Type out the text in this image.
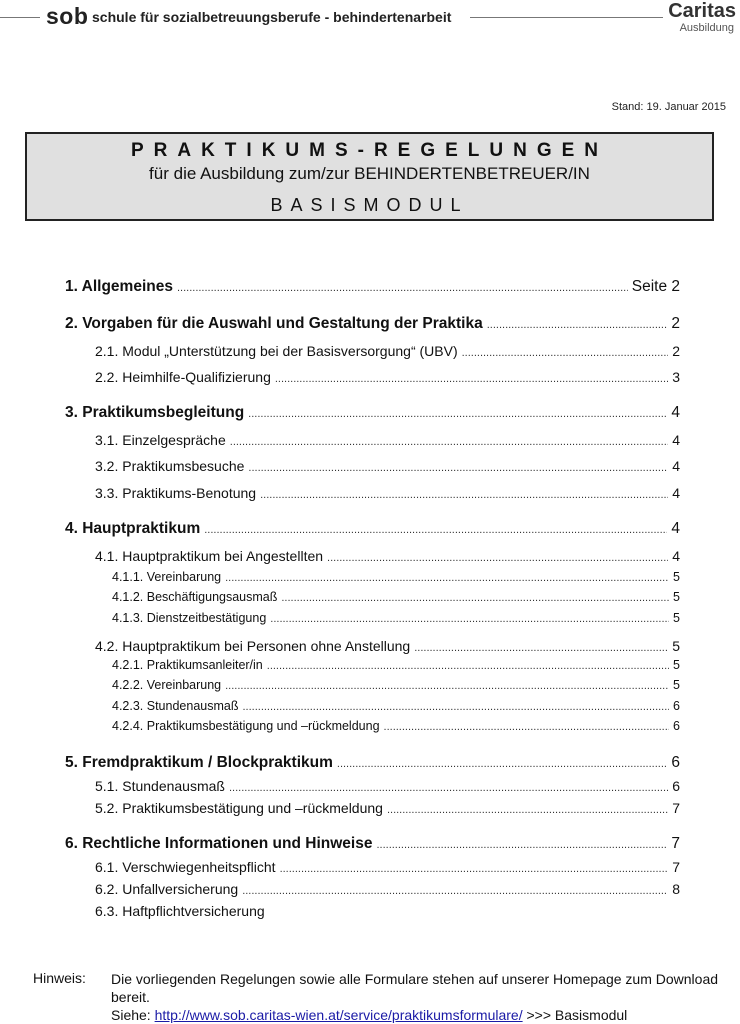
sob schule für sozialbetreuungsberufe - behindertenarbeit	Caritas
Ausbildung
Stand: 19. Januar 2015
PRAKTIKUMS-REGELUNGEN
für die Ausbildung zum/zur BEHINDERTENBETREUER/IN
BASISMODUL
1. Allgemeines .....	Seite 2
2. Vorgaben für die Auswahl und Gestaltung der Praktika .....	2
2.1. Modul „Unterstützung bei der Basisversorgung“ (UBV) .....	2
2.2. Heimhilfe-Qualifizierung .....	3
3. Praktikumsbegleitung .....	4
3.1. Einzelgespräche .....	4
3.2. Praktikumsbesuche .....	4
3.3. Praktikums-Benotung .....	4
4. Hauptpraktikum .....	4
4.1. Hauptpraktikum bei Angestellten .....	4
4.1.1. Vereinbarung .....	5
4.1.2. Beschäftigungsausmaß .....	5
4.1.3. Dienstzeitbestätigung .....	5
4.2. Hauptpraktikum bei Personen ohne Anstellung .....	5
4.2.1. Praktikumsanleiter/in .....	5
4.2.2. Vereinbarung .....	5
4.2.3. Stundenausmaß .....	6
4.2.4. Praktikumsbestätigung und –rückmeldung .....	6
5. Fremdpraktikum / Blockpraktikum .....	6
5.1. Stundenausmaß .....	6
5.2. Praktikumsbestätigung und –rückmeldung .....	7
6. Rechtliche Informationen und Hinweise .....	7
6.1. Verschwiegenheitspflicht .....	7
6.2. Unfallversicherung .....	8
6.3. Haftpflichtversicherung
Hinweis: Die vorliegenden Regelungen sowie alle Formulare stehen auf unserer Homepage zum Download bereit.
Siehe: http://www.sob.caritas-wien.at/service/praktikumsformulare/ >>> Basismodul
